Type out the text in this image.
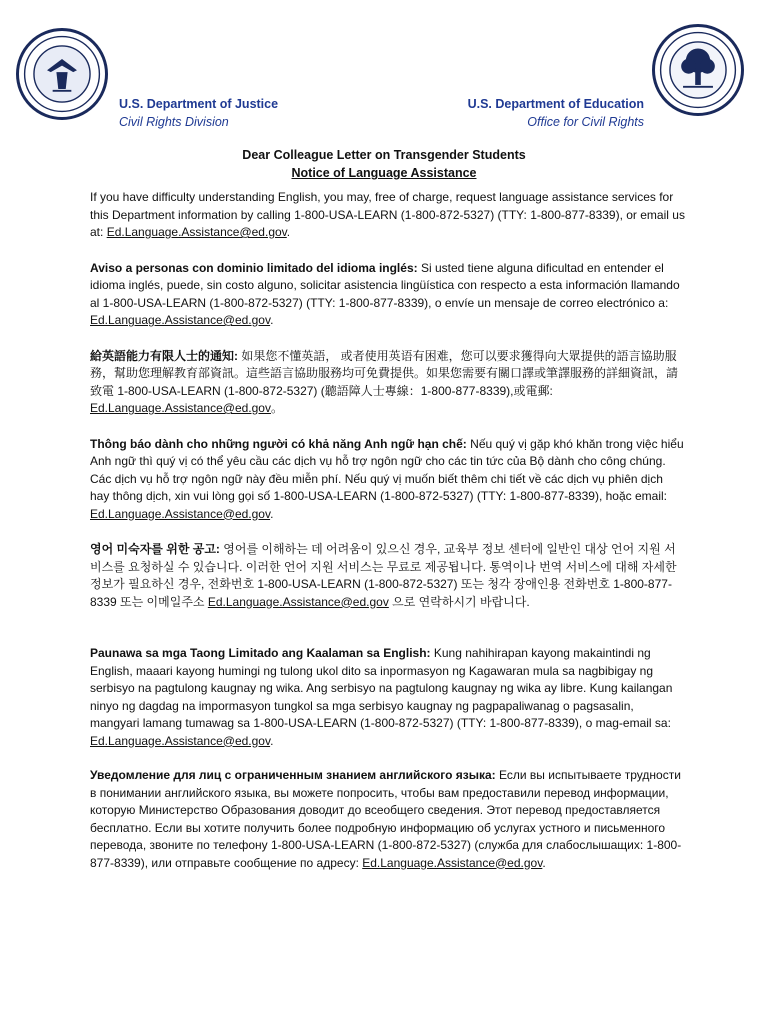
U.S. Department of Justice
Civil Rights Division
U.S. Department of Education
Office for Civil Rights
Dear Colleague Letter on Transgender Students
Notice of Language Assistance

If you have difficulty understanding English, you may, free of charge, request language assistance services for this Department information by calling 1-800-USA-LEARN (1-800-872-5327) (TTY: 1-800-877-8339), or email us at: Ed.Language.Assistance@ed.gov.

Aviso a personas con dominio limitado del idioma inglés: Si usted tiene alguna dificultad en entender el idioma inglés, puede, sin costo alguno, solicitar asistencia lingüística con respecto a esta información llamando al 1-800-USA-LEARN (1-800-872-5327) (TTY: 1-800-877-8339), o envíe un mensaje de correo electrónico a: Ed.Language.Assistance@ed.gov.

給英語能力有限人士的通知: 如果您不懂英語， 或者使用英语有困难，您可以要求獲得向大眾提供的語言協助服務，幫助您理解教育部資訊。這些語言協助服務均可免費提供。如果您需要有關口譯或筆譯服務的詳細資訊，請致電 1-800-USA-LEARN (1-800-872-5327) (聽語障人士專線：1-800-877-8339),或電郵: Ed.Language.Assistance@ed.gov。

Thông báo dành cho những người có khả năng Anh ngữ hạn chế: Nếu quý vị gặp khó khăn trong việc hiểu Anh ngữ thì quý vị có thể yêu cầu các dịch vụ hỗ trợ ngôn ngữ cho các tin tức của Bộ dành cho công chúng. Các dịch vụ hỗ trợ ngôn ngữ này đều miễn phí. Nếu quý vị muốn biết thêm chi tiết về các dịch vụ phiên dịch hay thông dịch, xin vui lòng gọi số 1-800-USA-LEARN (1-800-872-5327) (TTY: 1-800-877-8339), hoặc email: Ed.Language.Assistance@ed.gov.

영어 미숙자를 위한 공고: 영어를 이해하는 데 어려움이 있으신 경우, 교육부 정보 센터에 일반인 대상 언어 지원 서비스를 요청하실 수 있습니다. 이러한 언어 지원 서비스는 무료로 제공됩니다. 통역이나 번역 서비스에 대해 자세한 정보가 필요하신 경우, 전화번호 1-800-USA-LEARN (1-800-872-5327) 또는 청각 장애인용 전화번호 1-800-877-8339 또는 이메일주소 Ed.Language.Assistance@ed.gov 으로 연락하시기 바랍니다.

Paunawa sa mga Taong Limitado ang Kaalaman sa English: Kung nahihirapan kayong makaintindi ng English, maaari kayong humingi ng tulong ukol dito sa inpormasyon ng Kagawaran mula sa nagbibigay ng serbisyo na pagtulong kaugnay ng wika. Ang serbisyo na pagtulong kaugnay ng wika ay libre. Kung kailangan ninyo ng dagdag na impormasyon tungkol sa mga serbisyo kaugnay ng pagpapaliwanag o pagsasalin, mangyari lamang tumawag sa 1-800-USA-LEARN (1-800-872-5327) (TTY: 1-800-877-8339), o mag-email sa: Ed.Language.Assistance@ed.gov.

Уведомление для лиц с ограниченным знанием английского языка: Если вы испытываете трудности в понимании английского языка, вы можете попросить, чтобы вам предоставили перевод информации, которую Министерство Образования доводит до всеобщего сведения. Этот перевод предоставляется бесплатно. Если вы хотите получить более подробную информацию об услугах устного и письменного перевода, звоните по телефону 1-800-USA-LEARN (1-800-872-5327) (служба для слабослышащих: 1-800-877-8339), или отправьте сообщение по адресу: Ed.Language.Assistance@ed.gov.
